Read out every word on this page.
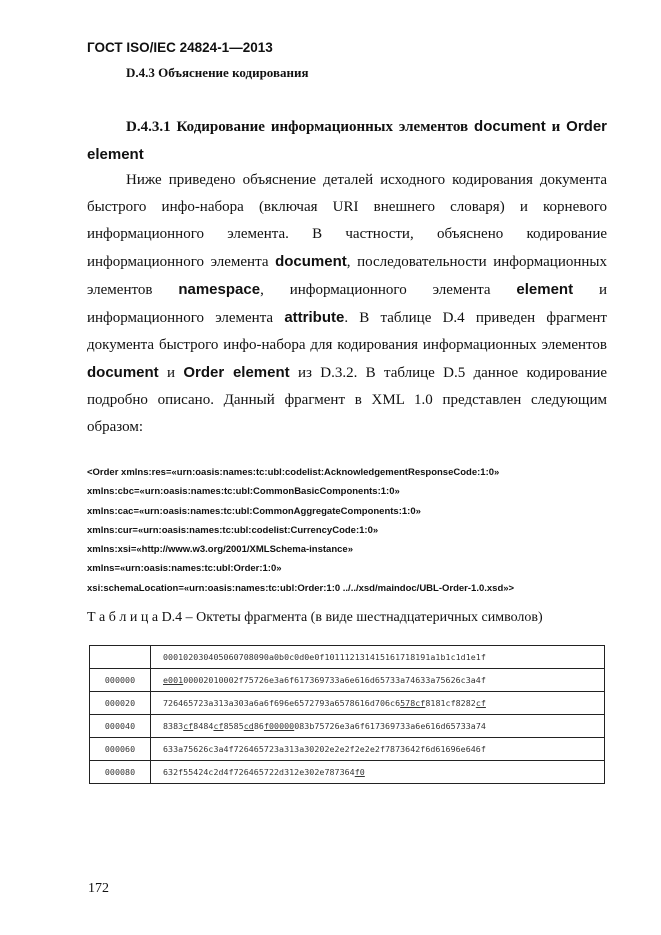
ГОСТ ISO/IEC 24824-1—2013
D.4.3 Объяснение кодирования
D.4.3.1 Кодирование информационных элементов document и Order element
Ниже приведено объяснение деталей исходного кодирования документа быстрого инфо-набора (включая URI внешнего словаря) и корневого информационного элемента. В частности, объяснено кодирование информационного элемента document, последовательности информационных элементов namespace, информационного элемента element и информационного элемента attribute. В таблице D.4 приведен фрагмент документа быстрого инфо-набора для кодирования информационных элементов document и Order element из D.3.2. В таблице D.5 данное кодирование подробно описано. Данный фрагмент в XML 1.0 представлен следующим образом:
<Order xmlns:res=«urn:oasis:names:tc:ubl:codelist:AcknowledgementResponseCode:1:0»
xmlns:cbc=«urn:oasis:names:tc:ubl:CommonBasicComponents:1:0»
xmlns:cac=«urn:oasis:names:tc:ubl:CommonAggregateComponents:1:0»
xmlns:cur=«urn:oasis:names:tc:ubl:codelist:CurrencyCode:1:0»
xmlns:xsi=«http://www.w3.org/2001/XMLSchema-instance»
xmlns=«urn:oasis:names:tc:ubl:Order:1:0»
xsi:schemaLocation=«urn:oasis:names:tc:ubl:Order:1:0 ../../xsd/maindoc/UBL-Order-1.0.xsd»>
Т а б л и ц а D.4 – Октеты фрагмента (в виде шестнадцатеричных символов)
	000102030405060708090a0b0c0d0e0f101112131415161718191a1b1c1d1e1f
000000	e00100002010002f75726e3a6f617369733a6e616d65733a74633a75626c3a4f
000020	726465723a313a303a6a6f696e6572793a6578616d706c6578cf8181cf8282cf
000040	8383cf8484cf8585cd86f00000083b75726e3a6f617369733a6e616d65733a74
000060	633a75626c3a4f726465723a313a30202e2e2f2e2e2f7873642f6d61696e646f
000080	632f55424c2d4f726465722d312e302e787364f0
172
